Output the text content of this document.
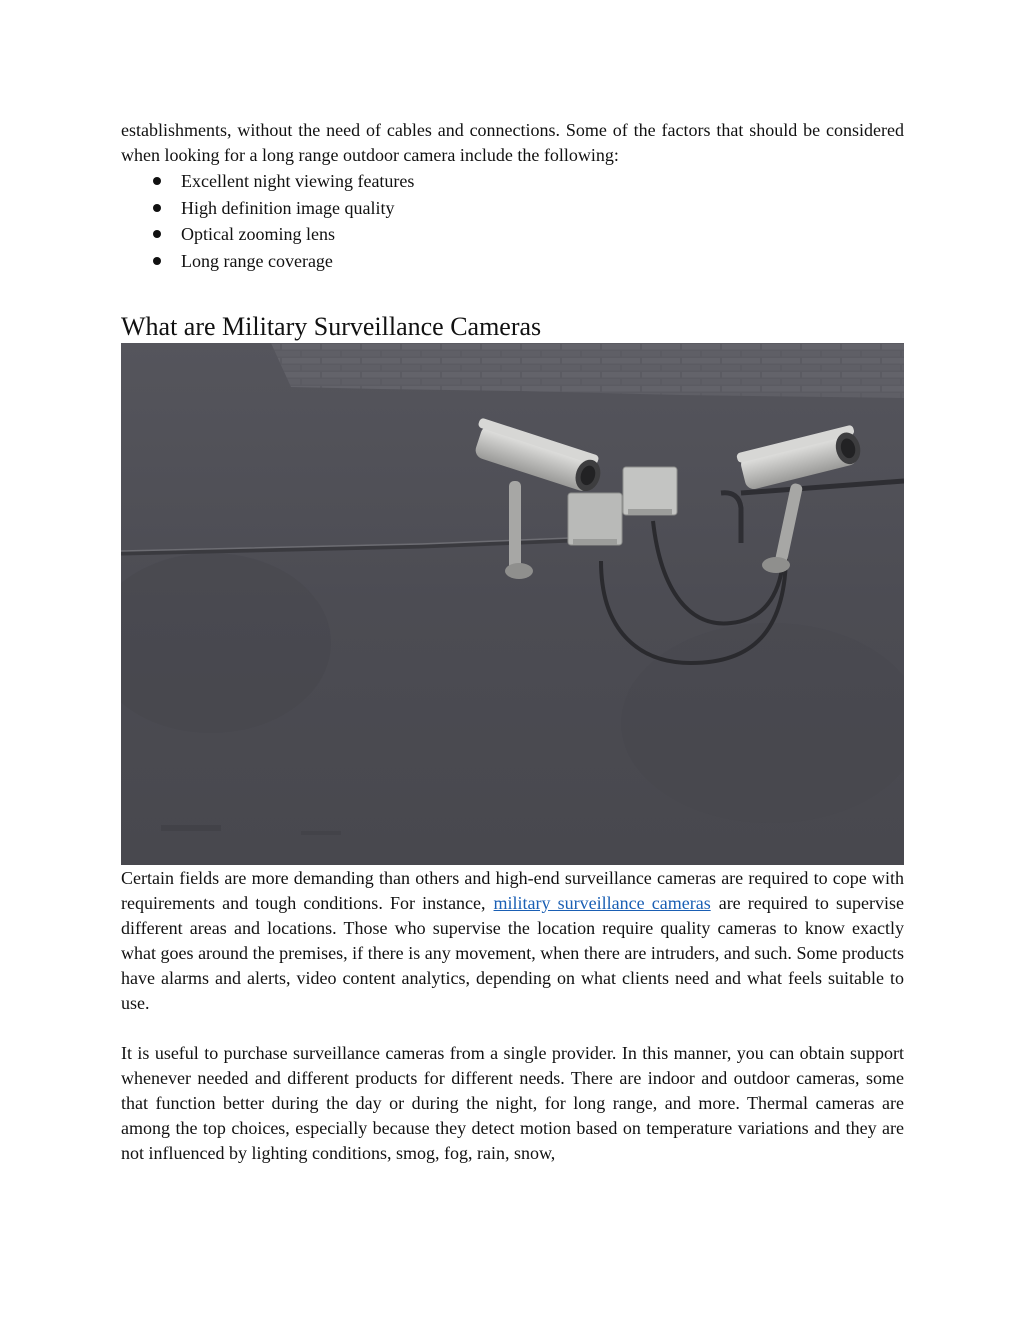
establishments, without the need of cables and connections. Some of the factors that should be considered when looking for a long range outdoor camera include the following:

Excellent night viewing features
High definition image quality
Optical zooming lens
Long range coverage
What are Military Surveillance Cameras

Certain fields are more demanding than others and high-end surveillance cameras are required to cope with requirements and tough conditions. For instance, military surveillance cameras are required to supervise different areas and locations. Those who supervise the location require quality cameras to know exactly what goes around the premises, if there is any movement, when there are intruders, and such. Some products have alarms and alerts, video content analytics, depending on what clients need and what feels suitable to use.

It is useful to purchase surveillance cameras from a single provider. In this manner, you can obtain support whenever needed and different products for different needs. There are indoor and outdoor cameras, some that function better during the day or during the night, for long range, and more. Thermal cameras are among the top choices, especially because they detect motion based on temperature variations and they are not influenced by lighting conditions, smog, fog, rain, snow,
